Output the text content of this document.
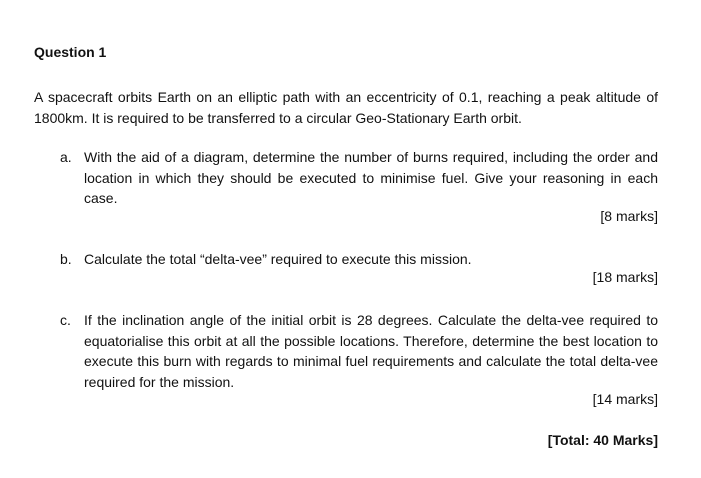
Question 1
A spacecraft orbits Earth on an elliptic path with an eccentricity of 0.1, reaching a peak altitude of 1800km. It is required to be transferred to a circular Geo-Stationary Earth orbit.
a. With the aid of a diagram, determine the number of burns required, including the order and location in which they should be executed to minimise fuel. Give your reasoning in each case.
[8 marks]
b. Calculate the total “delta-vee” required to execute this mission.
[18 marks]
c. If the inclination angle of the initial orbit is 28 degrees. Calculate the delta-vee required to equatorialise this orbit at all the possible locations. Therefore, determine the best location to execute this burn with regards to minimal fuel requirements and calculate the total delta-vee required for the mission.
[14 marks]
[Total: 40 Marks]
